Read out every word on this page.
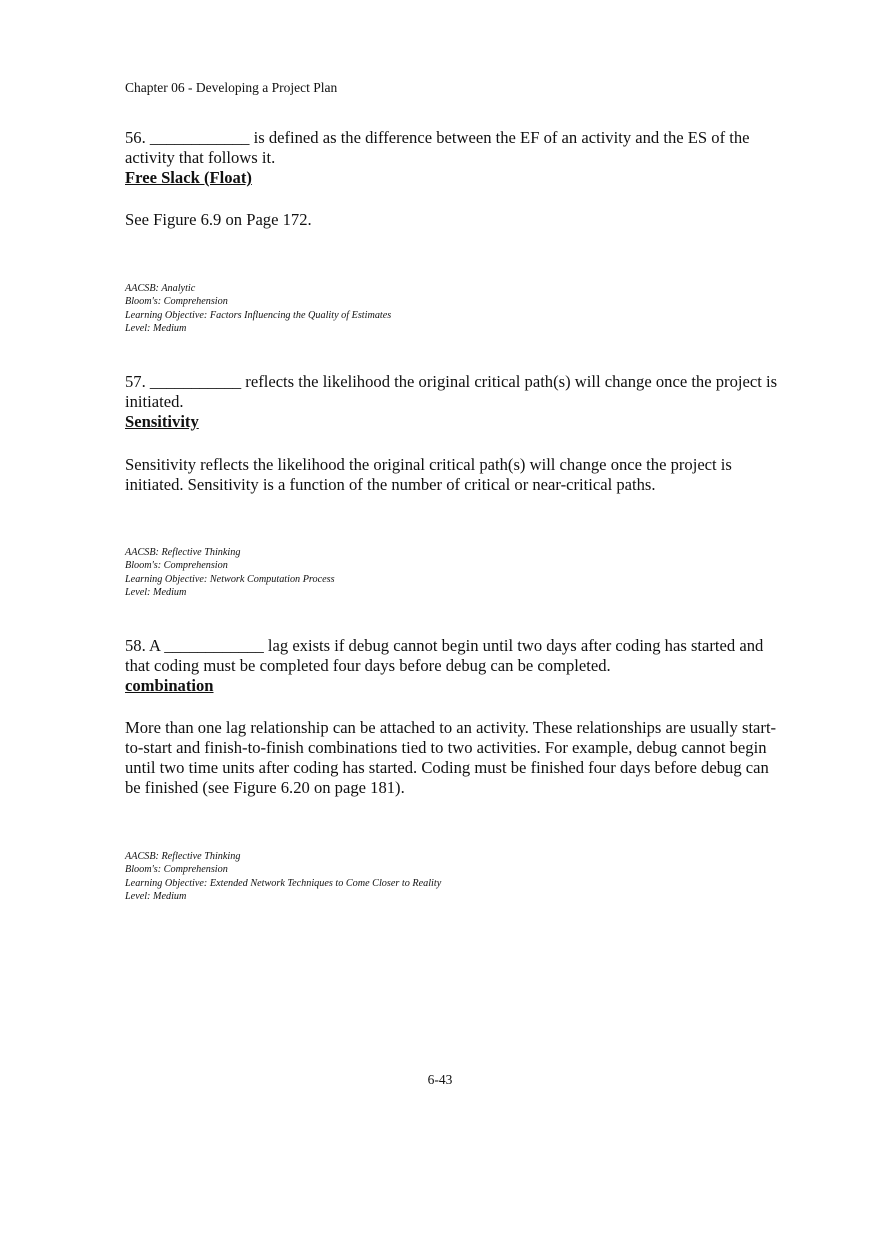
Chapter 06 - Developing a Project Plan

56. ____________ is defined as the difference between the EF of an activity and the ES of the activity that follows it.

Free Slack (Float)

See Figure 6.9 on Page 172.

AACSB: Analytic
Bloom's: Comprehension
Learning Objective: Factors Influencing the Quality of Estimates
Level: Medium

57. ___________ reflects the likelihood the original critical path(s) will change once the project is initiated.

Sensitivity

Sensitivity reflects the likelihood the original critical path(s) will change once the project is initiated. Sensitivity is a function of the number of critical or near-critical paths.

AACSB: Reflective Thinking
Bloom's: Comprehension
Learning Objective: Network Computation Process
Level: Medium

58. A ____________ lag exists if debug cannot begin until two days after coding has started and that coding must be completed four days before debug can be completed.

combination

More than one lag relationship can be attached to an activity. These relationships are usually start-to-start and finish-to-finish combinations tied to two activities. For example, debug cannot begin until two time units after coding has started. Coding must be finished four days before debug can be finished (see Figure 6.20 on page 181).

AACSB: Reflective Thinking
Bloom's: Comprehension
Learning Objective: Extended Network Techniques to Come Closer to Reality
Level: Medium
6-43
